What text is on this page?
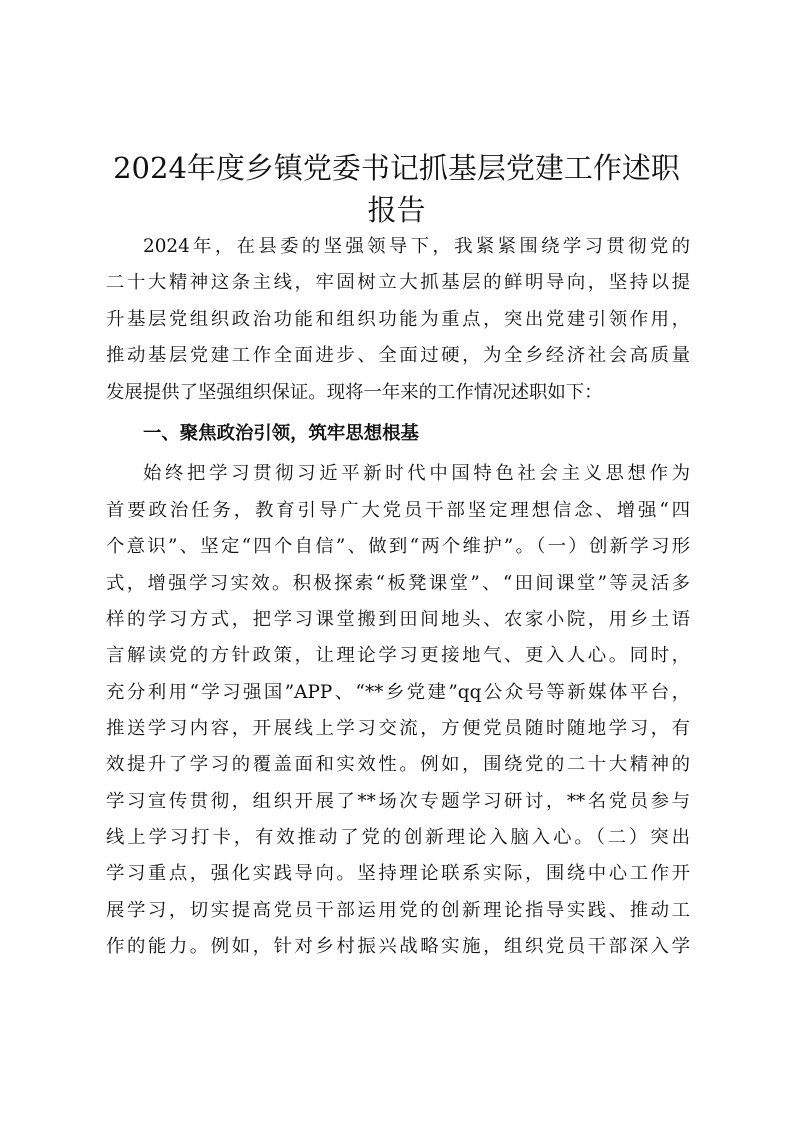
2024年度乡镇党委书记抓基层党建工作述职
报告
2024年，在县委的坚强领导下，我紧紧围绕学习贯彻党的
二十大精神这条主线，牢固树立大抓基层的鲜明导向，坚持以提
升基层党组织政治功能和组织功能为重点，突出党建引领作用，
推动基层党建工作全面进步、全面过硬，为全乡经济社会高质量
发展提供了坚强组织保证。现将一年来的工作情况述职如下：
一、聚焦政治引领，筑牢思想根基
始终把学习贯彻习近平新时代中国特色社会主义思想作为
首要政治任务，教育引导广大党员干部坚定理想信念、增强“四
个意识”、坚定“四个自信”、做到“两个维护”。（一）创新学习形
式，增强学习实效。积极探索“板凳课堂”、“田间课堂”等灵活多
样的学习方式，把学习课堂搬到田间地头、农家小院，用乡土语
言解读党的方针政策，让理论学习更接地气、更入人心。同时，
充分利用“学习强国”APP、“**乡党建”qq公众号等新媒体平台，
推送学习内容，开展线上学习交流，方便党员随时随地学习，有
效提升了学习的覆盖面和实效性。例如，围绕党的二十大精神的
学习宣传贯彻，组织开展了**场次专题学习研讨，**名党员参与
线上学习打卡，有效推动了党的创新理论入脑入心。（二）突出
学习重点，强化实践导向。坚持理论联系实际，围绕中心工作开
展学习，切实提高党员干部运用党的创新理论指导实践、推动工
作的能力。例如，针对乡村振兴战略实施，组织党员干部深入学
